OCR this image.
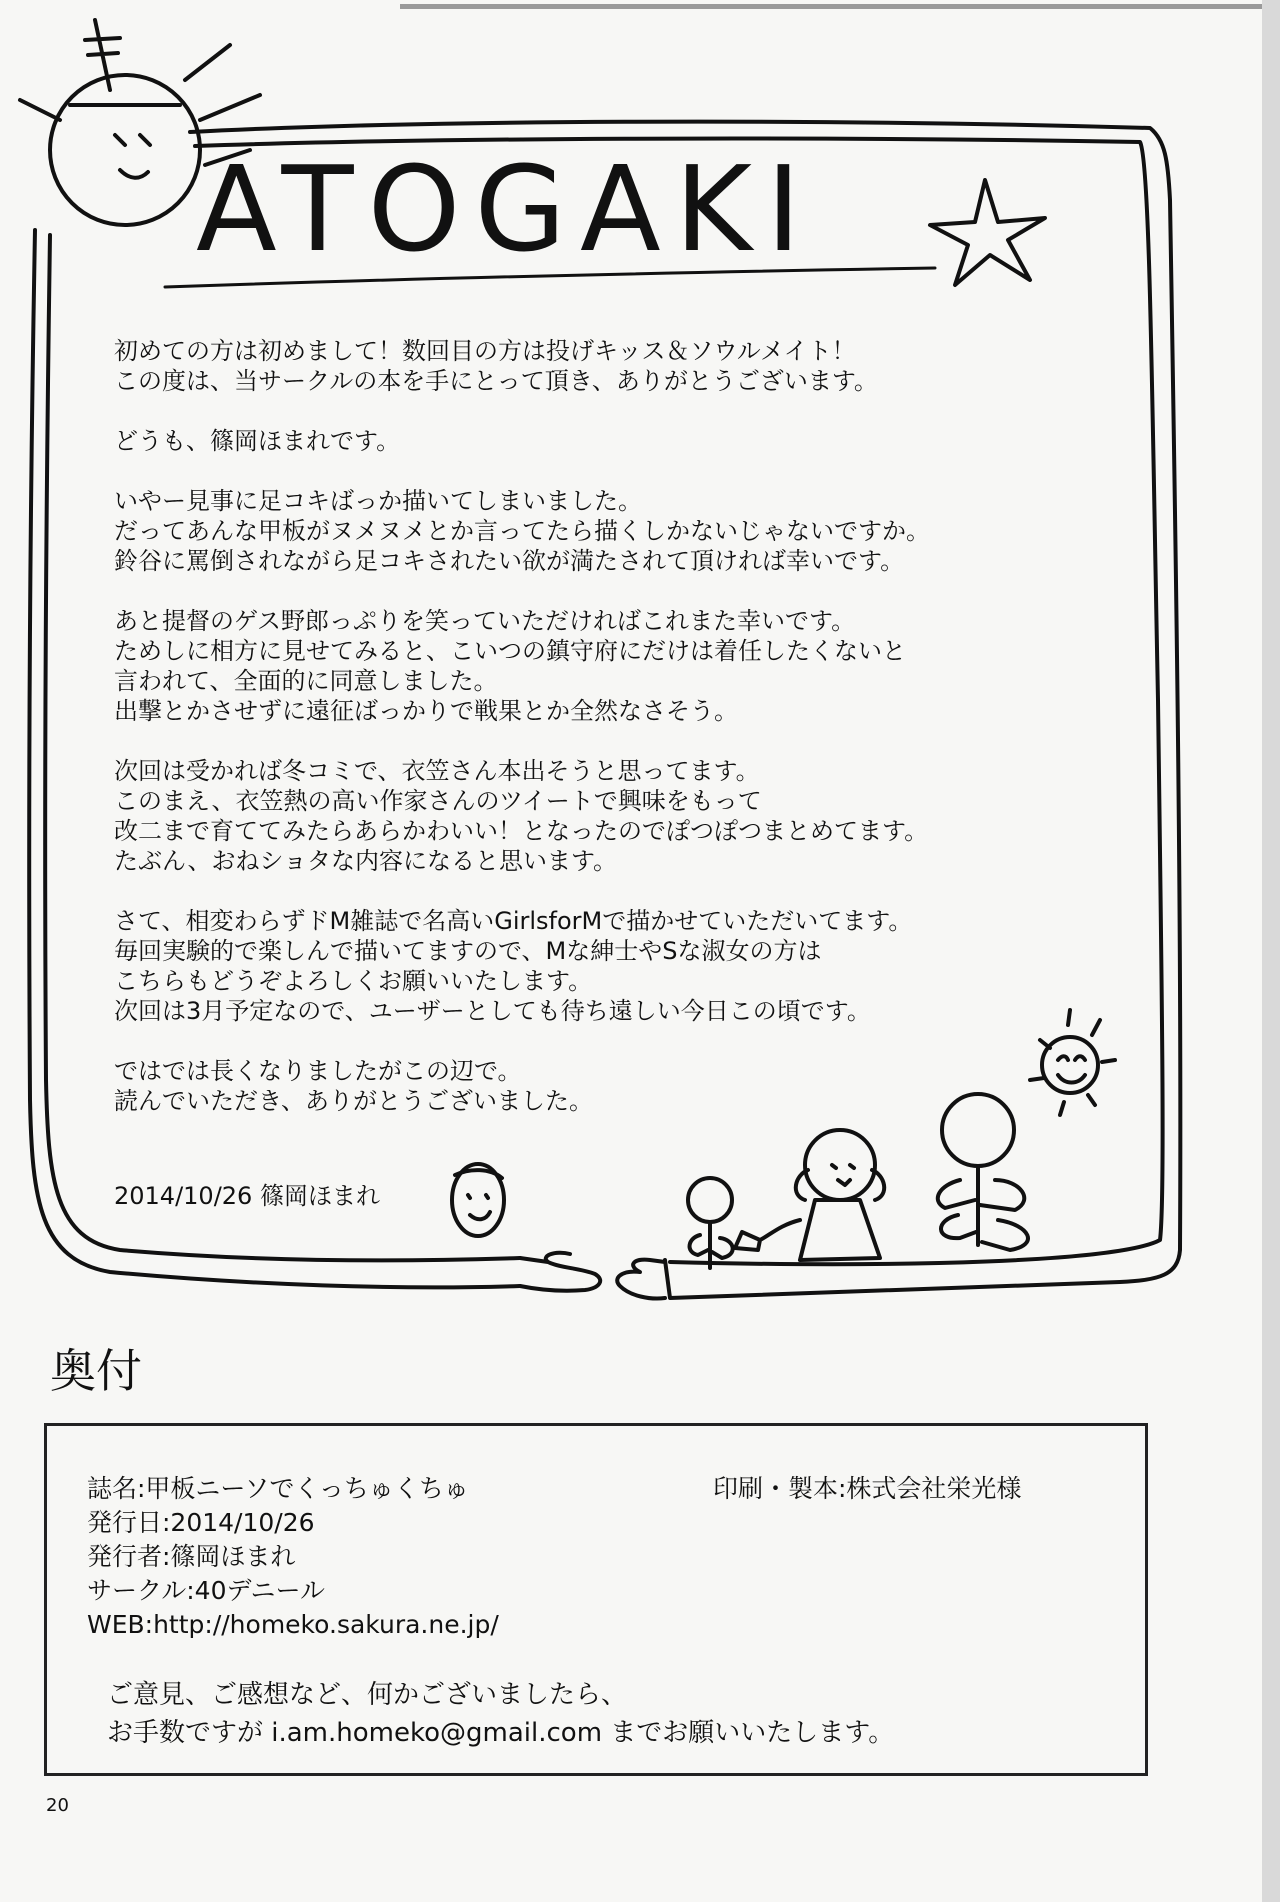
ATOGAKI
初めての方は初めまして！数回目の方は投げキッス＆ソウルメイト！
この度は、当サークルの本を手にとって頂き、ありがとうございます。
どうも、篠岡ほまれです。
いやー見事に足コキばっか描いてしまいました。
だってあんな甲板がヌメヌメとか言ってたら描くしかないじゃないですか。
鈴谷に罵倒されながら足コキされたい欲が満たされて頂ければ幸いです。
あと提督のゲス野郎っぷりを笑っていただければこれまた幸いです。
ためしに相方に見せてみると、こいつの鎮守府にだけは着任したくないと
言われて、全面的に同意しました。
出撃とかさせずに遠征ばっかりで戦果とか全然なさそう。
次回は受かれば冬コミで、衣笠さん本出そうと思ってます。
このまえ、衣笠熱の高い作家さんのツイートで興味をもって
改二まで育ててみたらあらかわいい！となったのでぽつぽつまとめてます。
たぶん、おねショタな内容になると思います。
さて、相変わらずドM雑誌で名高いGirlsforMで描かせていただいてます。
毎回実験的で楽しんで描いてますので、Mな紳士やSな淑女の方は
こちらもどうぞよろしくお願いいたします。
次回は3月予定なので、ユーザーとしても待ち遠しい今日この頃です。
ではでは長くなりましたがこの辺で。
読んでいただき、ありがとうございました。
2014/10/26 篠岡ほまれ
奥付
誌名:甲板ニーソでくっちゅくちゅ
発行日:2014/10/26
発行者:篠岡ほまれ
サークル:40デニール
WEB:http://homeko.sakura.ne.jp/
印刷・製本:株式会社栄光様
ご意見、ご感想など、何かございましたら、
お手数ですが i.am.homeko@gmail.com までお願いいたします。
20
